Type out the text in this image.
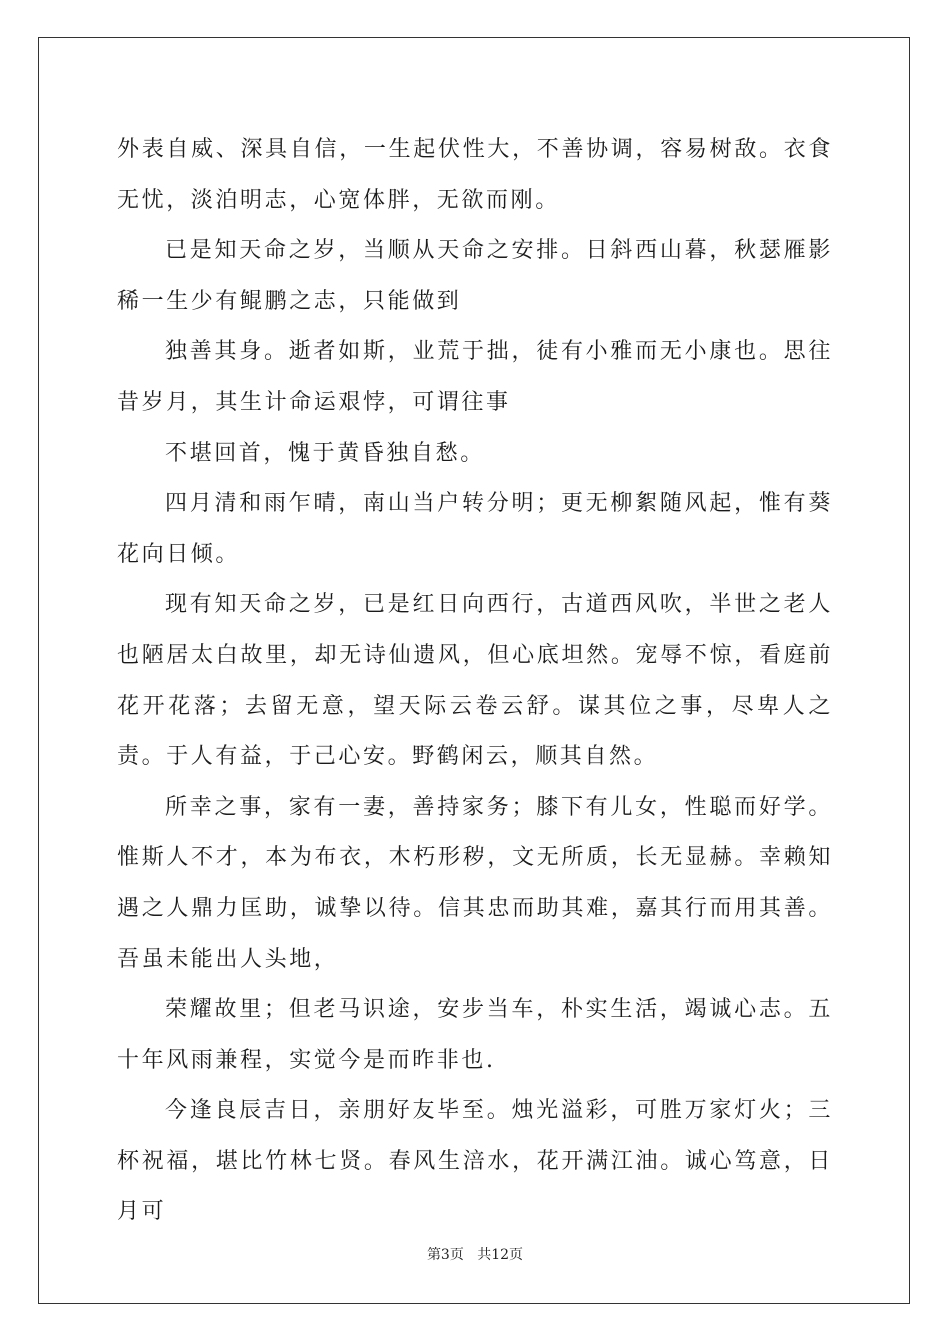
外表自威、深具自信，一生起伏性大，不善协调，容易树敌。衣食无忧，淡泊明志，心宽体胖，无欲而刚。

已是知天命之岁，当顺从天命之安排。日斜西山暮，秋瑟雁影稀一生少有鲲鹏之志，只能做到

独善其身。逝者如斯，业荒于拙，徒有小雅而无小康也。思往昔岁月，其生计命运艰悖，可谓往事

不堪回首，愧于黄昏独自愁。

四月清和雨乍晴，南山当户转分明；更无柳絮随风起，惟有葵花向日倾。

现有知天命之岁，已是红日向西行，古道西风吹，半世之老人也陋居太白故里，却无诗仙遗风，但心底坦然。宠辱不惊，看庭前花开花落；去留无意，望天际云卷云舒。谋其位之事，尽卑人之责。于人有益，于己心安。野鹤闲云，顺其自然。

所幸之事，家有一妻，善持家务；膝下有儿女，性聪而好学。惟斯人不才，本为布衣，木朽形秽，文无所质，长无显赫。幸赖知遇之人鼎力匡助，诚挚以待。信其忠而助其难，嘉其行而用其善。吾虽未能出人头地，

荣耀故里；但老马识途，安步当车，朴实生活，竭诚心志。五十年风雨兼程，实觉今是而昨非也.

今逢良辰吉日，亲朋好友毕至。烛光溢彩，可胜万家灯火；三杯祝福，堪比竹林七贤。春风生涪水，花开满江油。诚心笃意，日月可

第3页 共12页
